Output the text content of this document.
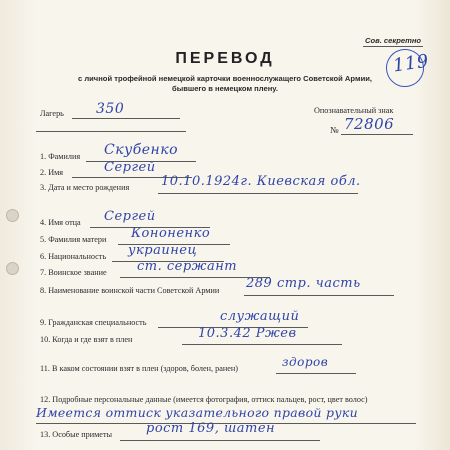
Сов. секретно
119
ПЕРЕВОД
с личной трофейной немецкой карточки военнослужащего Советской Армии,
бывшего в немецком плену.
Лагерь 350	Опознавательный знак
№ 72806
1. Фамилия Скубенко
2. Имя	Сергей
3. Дата и место рождения 10.10.1924г. Киевская обл.
4. Имя отца Сергей
5. Фамилия матери Кононенко
6. Национальность украинец
7. Воинское звание ст. сержант
8. Наименование воинской части Советской Армии 289 стр. часть
9. Гражданская специальность	служащий
10. Когда и где взят в плен	10.3.42 Ржев
11. В каком состоянии взят в плен (здоров, болен, ранен)	здоров
12. Подробные персональные данные (имеется фотография, оттиск пальцев, рост, цвет волос)
Имеется оттиск указательного правой руки
13. Особые приметы	рост 169, шатен
